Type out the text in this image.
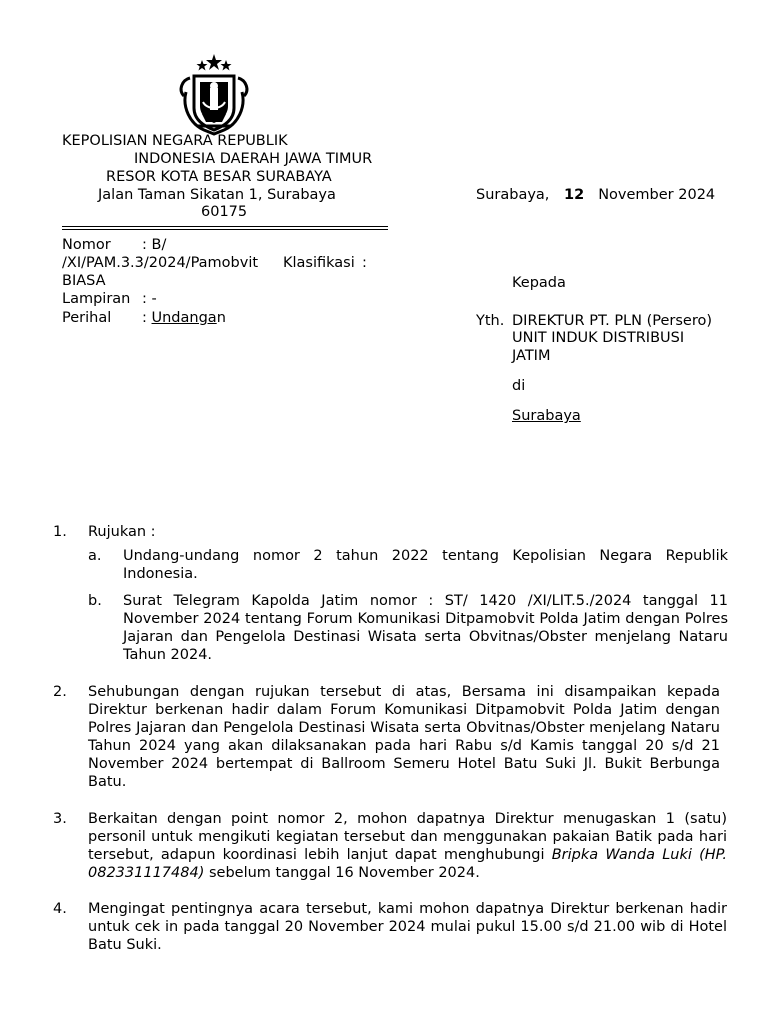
KEPOLISIAN NEGARA REPUBLIK
INDONESIA DAERAH JAWA TIMUR
RESOR KOTA BESAR SURABAYA
Jalan Taman Sikatan 1, Surabaya
60175
Surabaya, 12 November 2024
Nomor : B/
/XI/PAM.3.3/2024/Pamobvit Klasifikasi :
BIASA
Lampiran : -
Perihal : Undangan
Kepada
Yth. DIREKTUR PT. PLN (Persero)
UNIT INDUK DISTRIBUSI
JATIM
di
Surabaya
1. Rujukan :
a. Undang-undang nomor 2 tahun 2022 tentang Kepolisian Negara Republik Indonesia.

b. Surat Telegram Kapolda Jatim nomor : ST/ 1420 /XI/LIT.5./2024 tanggal 11 November 2024 tentang Forum Komunikasi Ditpamobvit Polda Jatim dengan Polres Jajaran dan Pengelola Destinasi Wisata serta Obvitnas/Obster menjelang Nataru Tahun 2024.

2. Sehubungan dengan rujukan tersebut di atas, Bersama ini disampaikan kepada Direktur berkenan hadir dalam Forum Komunikasi Ditpamobvit Polda Jatim dengan Polres Jajaran dan Pengelola Destinasi Wisata serta Obvitnas/Obster menjelang Nataru Tahun 2024 yang akan dilaksanakan pada hari Rabu s/d Kamis tanggal 20 s/d 21 November 2024 bertempat di Ballroom Semeru Hotel Batu Suki Jl. Bukit Berbunga Batu.

3. Berkaitan dengan point nomor 2, mohon dapatnya Direktur menugaskan 1 (satu) personil untuk mengikuti kegiatan tersebut dan menggunakan pakaian Batik pada hari tersebut, adapun koordinasi lebih lanjut dapat menghubungi Bripka Wanda Luki (HP. 082331117484) sebelum tanggal 16 November 2024.

4. Mengingat pentingnya acara tersebut, kami mohon dapatnya Direktur berkenan hadir untuk cek in pada tanggal 20 November 2024 mulai pukul 15.00 s/d 21.00 wib di Hotel Batu Suki.
